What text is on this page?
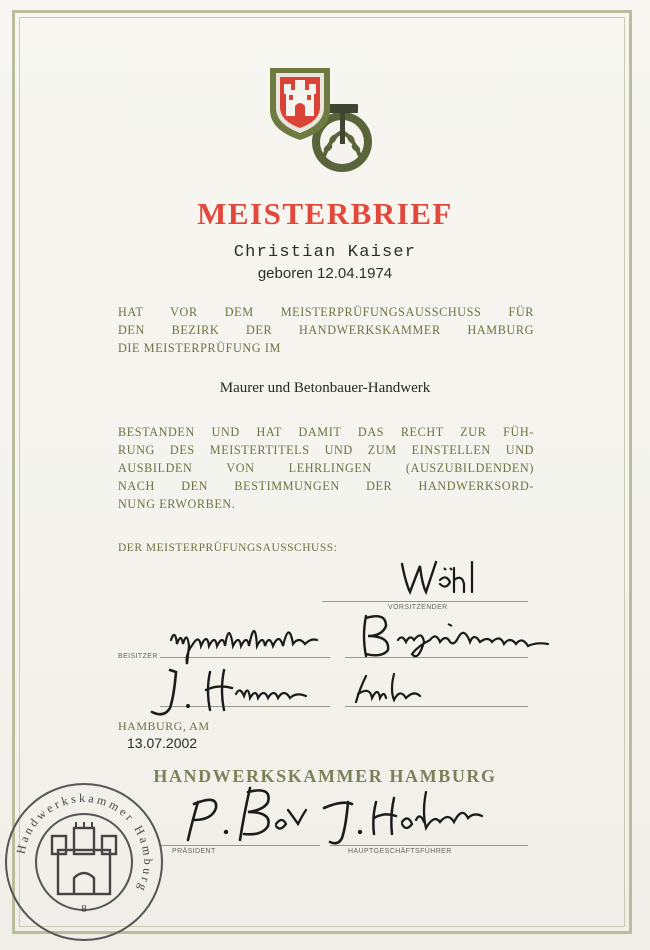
MEISTERBRIEF
Christian Kaiser
geboren 12.04.1974
HAT VOR DEM MEISTERPRÜFUNGSAUSSCHUSS FÜR
DEN BEZIRK DER HANDWERKSKAMMER HAMBURG
DIE MEISTERPRÜFUNG IM
Maurer und Betonbauer-Handwerk
BESTANDEN UND HAT DAMIT DAS RECHT ZUR FÜH-
RUNG DES MEISTERTITELS UND ZUM EINSTELLEN UND
AUSBILDEN VON LEHRLINGEN (AUSZUBILDENDEN)
NACH DEN BESTIMMUNGEN DER HANDWERKSORD-
NUNG ERWORBEN.
DER MEISTERPRÜFUNGSAUSSCHUSS:
VORSITZENDER
BEISITZER
HAMBURG, AM
13.07.2002
HANDWERKSKAMMER HAMBURG
PRÄSIDENT	HAUPTGESCHÄFTSFÜHRER
Handwerkskammer Hamburg
8
